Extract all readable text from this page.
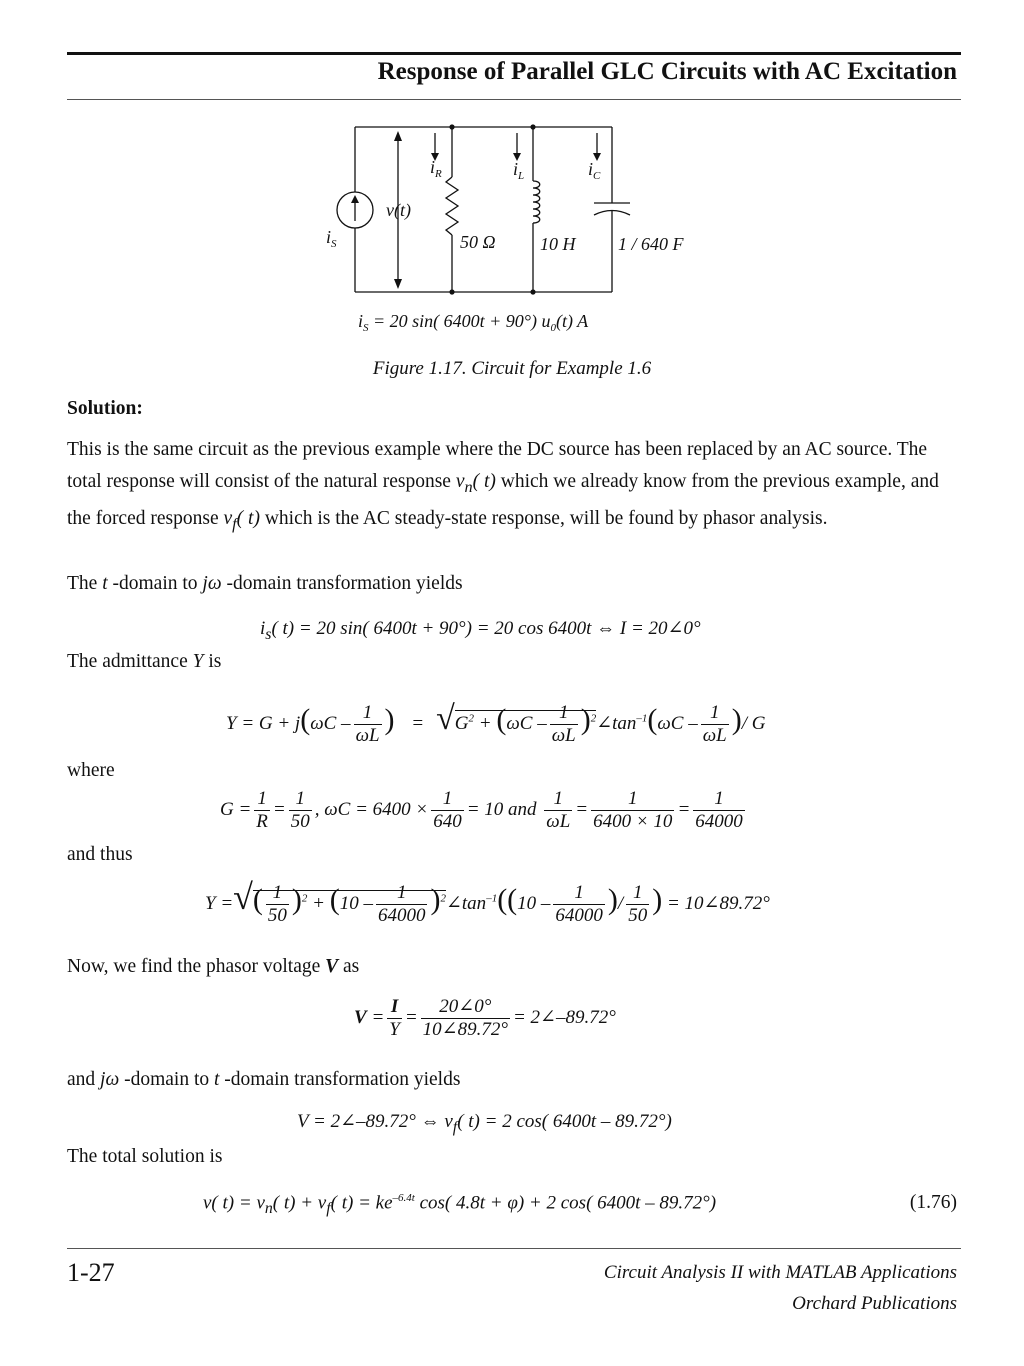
Response of Parallel GLC Circuits with AC Excitation
$i_S$
v(t)
$i_R$	$i_L$	$i_C$
50 Ω 10 H 1 / 640 F
$i_S = 20$ sin( 6400t + 90°) $u_0(t)$ A
Figure 1.17. Circuit for Example 1.6
Solution:
This is the same circuit as the previous example where the DC source has been replaced by an AC source. The total response will consist of the natural response $v_n$( t) which we already know from the previous example, and the forced response $v_f$( t) which is the AC steady-state response, will be found by phasor analysis.
The t -domain to jω -domain transformation yields
$i_s$( t) = 20 sin( 6400t + 90°) = 20 cos 6400t ⇔ I = 20∠0°
The admittance Y is
$Y = G + j(\omega C - \frac{1}{\omega L}$ ) = $√G^2 + (\omega C - \frac{1}{\omega L}$ )$^2\angle\tan^{-1}(\omega C - \frac{1}{\omega L}$ )/ G
where
$G = \frac{1}{R} = \frac{1}{50}$ , $\omega C = 6400 \times \frac{1}{640} = 10$ and $\frac{1}{\omega L} = \frac{1}{6400 \times 10} = \frac{1}{64000}$
and thus
Y =√( $\frac{1}{50} )^2 + (10 - \frac{1}{64000}$ )$^2\angle\tan^{-1}((10 - \frac{1}{64000}$ )/ $\frac{1}{50}$ ) = 10∠89.72°
Now, we find the phasor voltage V as
$V = \frac{I}{Y} = \frac{20\angle 0^\circ}{10\angle 89.72^\circ}$ = 2∠–89.72°
and jω -domain to t -domain transformation yields
V = 2∠–89.72° ⇔ $v_f$( t) = 2 cos( 6400t – 89.72°)
The total solution is
v( $t) = v_n$( $t) + v_f$( $t) = ke^{-6.4t}$ cos( 4.8t + φ) + 2 cos( 6400t – 89.72°)	(1.76)
1-27	Circuit Analysis II with MATLAB Applications
Orchard Publications
